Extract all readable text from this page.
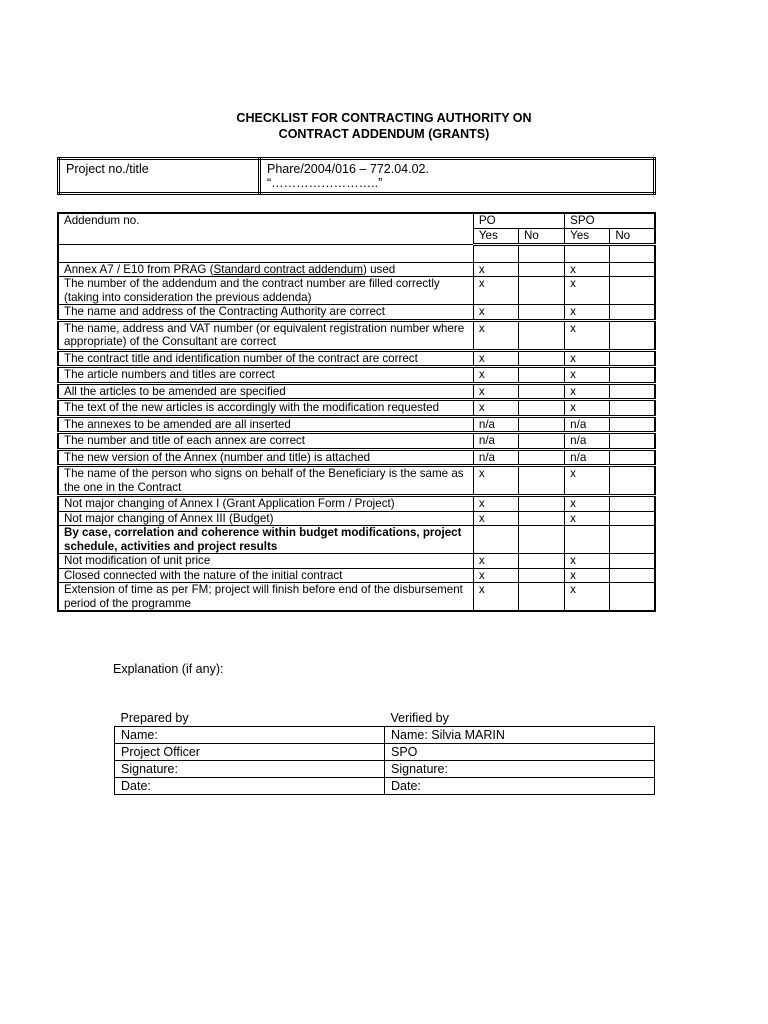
CHECKLIST FOR CONTRACTING AUTHORITY ON
CONTRACT ADDENDUM (GRANTS)
Project no./title	Phare/2004/016 – 772.04.02.
“……………………..”
Addendum no.	PO		SPO	
	Yes	No	Yes	No

Annex A7 / E10 from PRAG (Standard contract addendum) used	x		x	
The number of the addendum and the contract number are filled correctly (taking into consideration the previous addenda)	x		x	
The name and address of the Contracting Authority are correct	x		x	
The name, address and VAT number (or equivalent registration number where appropriate) of the Consultant are correct	x		x	
The contract title and identification number of the contract are correct	x		x	
The article numbers and titles are correct	x		x	
All the articles to be amended are specified	x		x	
The text of the new articles is accordingly with the modification requested	x		x	
The annexes to be amended are all inserted	n/a		n/a	
The number and title of each annex are correct	n/a		n/a	
The new version of the Annex (number and title) is attached	n/a		n/a	
The name of the person who signs on behalf of the Beneficiary is the same as the one in the Contract	x		x	
Not major changing of Annex I (Grant Application Form / Project)	x		x	
Not major changing of Annex III (Budget)	x		x	
By case, correlation and coherence within budget modifications, project schedule, activities and project results				
Not modification of unit price	x		x	
Closed connected with the nature of the initial contract	x		x	
Extension of time as per FM; project will finish before end of the disbursement period of the programme	x		x	
Explanation (if any):
Prepared by	Verified by
Name:	Name: Silvia MARIN
Project Officer	SPO
Signature:	Signature:
Date:	Date:
